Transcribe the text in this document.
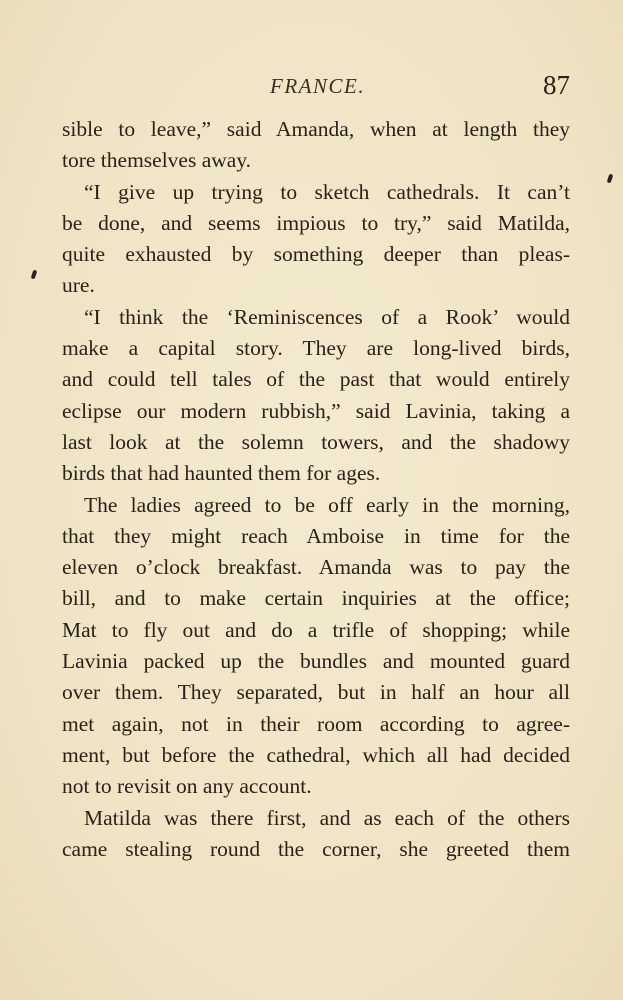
FRANCE.	87
sible to leave,” said Amanda, when at length they
tore themselves away.
“I give up trying to sketch cathedrals. It can’t
be done, and seems impious to try,” said Matilda,
quite exhausted by something deeper than pleas-
ure.
“I think the ‘Reminiscences of a Rook’ would
make a capital story. They are long-lived birds,
and could tell tales of the past that would entirely
eclipse our modern rubbish,” said Lavinia, taking a
last look at the solemn towers, and the shadowy
birds that had haunted them for ages.
The ladies agreed to be off early in the morning,
that they might reach Amboise in time for the
eleven o’clock breakfast. Amanda was to pay the
bill, and to make certain inquiries at the office;
Mat to fly out and do a trifle of shopping; while
Lavinia packed up the bundles and mounted guard
over them. They separated, but in half an hour all
met again, not in their room according to agree-
ment, but before the cathedral, which all had decided
not to revisit on any account.
Matilda was there first, and as each of the others
came stealing round the corner, she greeted them
